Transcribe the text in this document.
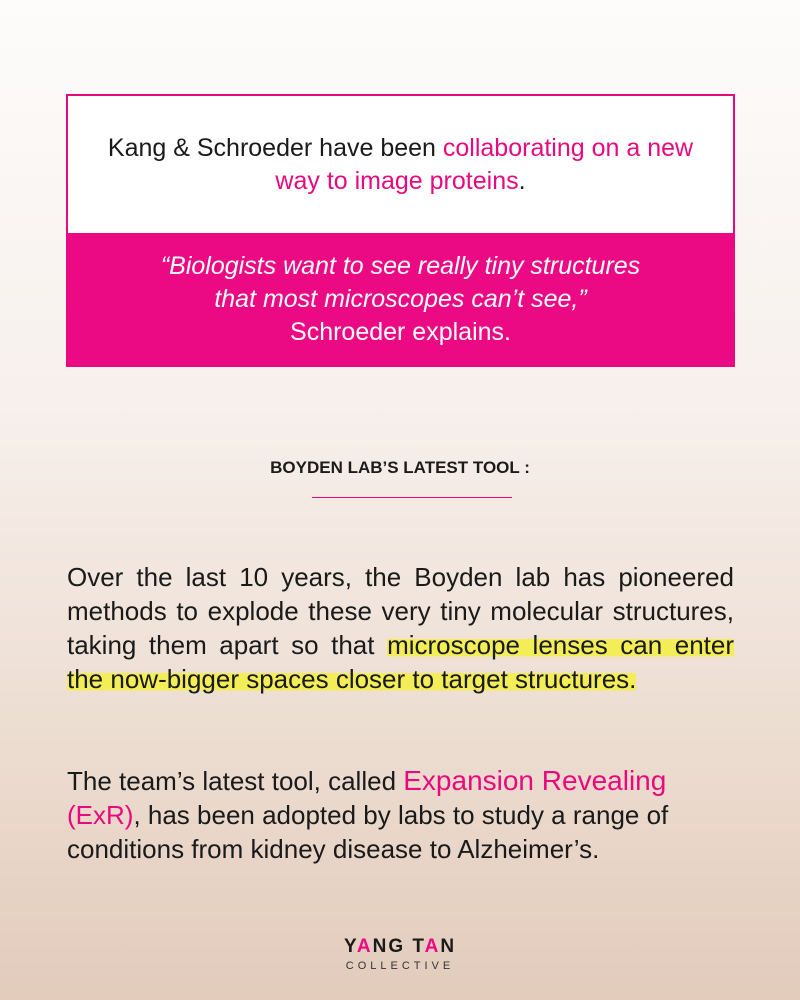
Kang & Schroeder have been collaborating on a new way to image proteins.
“Biologists want to see really tiny structures
that most microscopes can’t see,”
Schroeder explains.
BOYDEN LAB’S LATEST TOOL :
Over the last 10 years, the Boyden lab has pioneered methods to explode these very tiny molecular structures, taking them apart so that microscope lenses can enter the now-bigger spaces closer to target structures.
The team’s latest tool, called Expansion Revealing (ExR), has been adopted by labs to study a range of conditions from kidney disease to Alzheimer’s.
YANG TAN
COLLECTIVE
